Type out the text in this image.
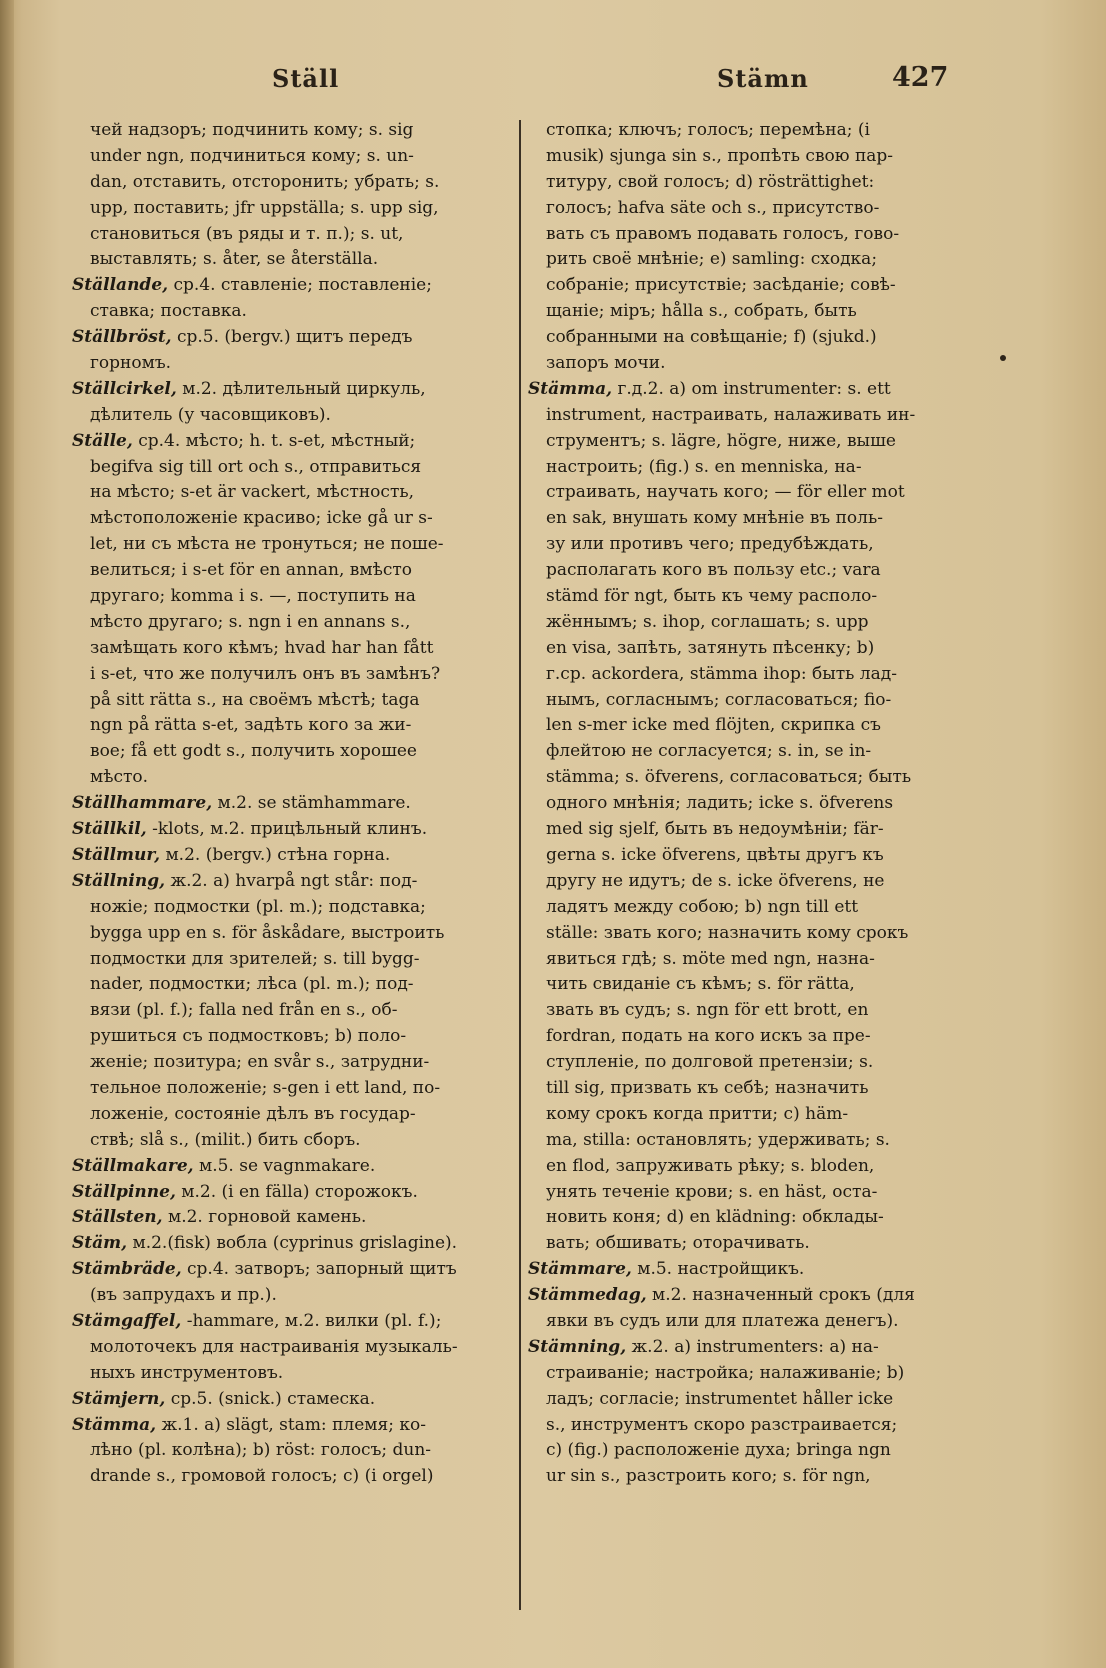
Ställ	Stämn	427
чей надзоръ; подчинить кому; s. sig
under ngn, подчиниться кому; s. un-
dan, отставить, отсторонить; убрать; s.
upp, поставить; jfr uppställa; s. upp sig,
становиться (въ ряды и т. п.); s. ut,
выставлять; s. åter, se återställa.
Ställande, ср.4. ставленіе; поставленіе;
ставка; поставка.
Ställbröst, ср.5. (bergv.) щитъ передъ
горномъ.
Ställcirkel, м.2. дѣлительный циркуль,
дѣлитель (у часовщиковъ).
Ställe, ср.4. мѣсто; h. t. s-et, мѣстный;
begifva sig till ort och s., отправиться
на мѣсто; s-et är vackert, мѣстность,
мѣстоположеніе красиво; icke gå ur s-
let, ни съ мѣста не тронуться; не поше-
велиться; i s-et för en annan, вмѣсто
другаго; komma i s. —, поступить на
мѣсто другаго; s. ngn i en annans s.,
замѣщать кого кѣмъ; hvad har han fått
i s-et, что же получилъ онъ въ замѣнъ?
på sitt rätta s., на своёмъ мѣстѣ; taga
ngn på rätta s-et, задѣть кого за жи-
вое; få ett godt s., получить хорошее
мѣсто.
Ställhammare, м.2. se stämhammare.
Ställkil, -klots, м.2. прицѣльный клинъ.
Ställmur, м.2. (bergv.) стѣна горна.
Ställning, ж.2. a) hvarpå ngt står: под-
ножіе; подмостки (pl. m.); подставка;
bygga upp en s. för åskådare, выстроить
подмостки для зрителей; s. till bygg-
nader, подмостки; лѣса (pl. m.); под-
вязи (pl. f.); falla ned från en s., об-
рушиться съ подмостковъ; b) поло-
женіе; позитура; en svår s., затрудни-
тельное положеніе; s-gen i ett land, по-
ложеніе, состояніе дѣлъ въ государ-
ствѣ; slå s., (milit.) бить сборъ.
Ställmakare, м.5. se vagnmakare.
Ställpinne, м.2. (i en fälla) сторожокъ.
Ställsten, м.2. горновой камень.
Stäm, м.2.(fisk) вобла (cyprinus grislagine).
Stämbräde, ср.4. затворъ; запорный щитъ
(въ запрудахъ и пр.).
Stämgaffel, -hammare, м.2. вилки (pl. f.);
молоточекъ для настраиванія музыкаль-
ныхъ инструментовъ.
Stämjern, ср.5. (snick.) стамеска.
Stämma, ж.1. a) slägt, stam: племя; ко-
лѣно (pl. колѣна); b) röst: голосъ; dun-
drande s., громовой голосъ; c) (i orgel)
стопка; ключъ; голосъ; перемѣна; (i
musik) sjunga sin s., пропѣть свою пар-
титуру, свой голосъ; d) rösträttighet:
голосъ; hafva säte och s., присутство-
вать съ правомъ подавать голосъ, гово-
рить своё мнѣніе; e) samling: сходка;
собраніе; присутствіе; засѣданіе; совѣ-
щаніе; міръ; hålla s., собрать, быть
собранными на совѣщаніе; f) (sjukd.)
запоръ мочи.
Stämma, г.д.2. a) om instrumenter: s. ett
instrument, настраивать, налаживать ин-
струментъ; s. lägre, högre, ниже, выше
настроить; (fig.) s. en menniska, на-
страивать, научать кого; — för eller mot
en sak, внушать кому мнѣніе въ поль-
зу или противъ чего; предубѣждать,
располагать кого въ пользу etc.; vara
stämd för ngt, быть къ чему располо-
жённымъ; s. ihop, соглашать; s. upp
en visa, запѣть, затянуть пѣсенку; b)
г.ср. ackordera, stämma ihop: быть лад-
нымъ, согласнымъ; согласоваться; fio-
len s-mer icke med flöjten, скрипка съ
флейтою не согласуется; s. in, se in-
stämma; s. öfverens, согласоваться; быть
одного мнѣнія; ладить; icke s. öfverens
med sig sjelf, быть въ недоумѣніи; fär-
gerna s. icke öfverens, цвѣты другъ къ
другу не идутъ; de s. icke öfverens, не
ладятъ между собою; b) ngn till ett
ställe: звать кого; назначить кому срокъ
явиться гдѣ; s. möte med ngn, назна-
чить свиданіе съ кѣмъ; s. för rätta,
звать въ судъ; s. ngn för ett brott, en
fordran, подать на кого искъ за пре-
ступленіе, по долговой претензіи; s.
till sig, призвать къ себѣ; назначить
кому срокъ когда притти; c) häm-
ma, stilla: остановлять; удерживать; s.
en flod, запруживать рѣку; s. bloden,
унять теченіе крови; s. en häst, оста-
новить коня; d) en klädning: обклады-
вать; обшивать; оторачивать.
Stämmare, м.5. настройщикъ.
Stämmedag, м.2. назначенный срокъ (для
явки въ судъ или для платежа денегъ).
Stämning, ж.2. a) instrumenters: a) на-
страиваніе; настройка; налаживаніе; b)
ладъ; согласіе; instrumentet håller icke
s., инструментъ скоро разстраивается;
c) (fig.) расположеніе духа; bringa ngn
ur sin s., разстроить кого; s. för ngn,
